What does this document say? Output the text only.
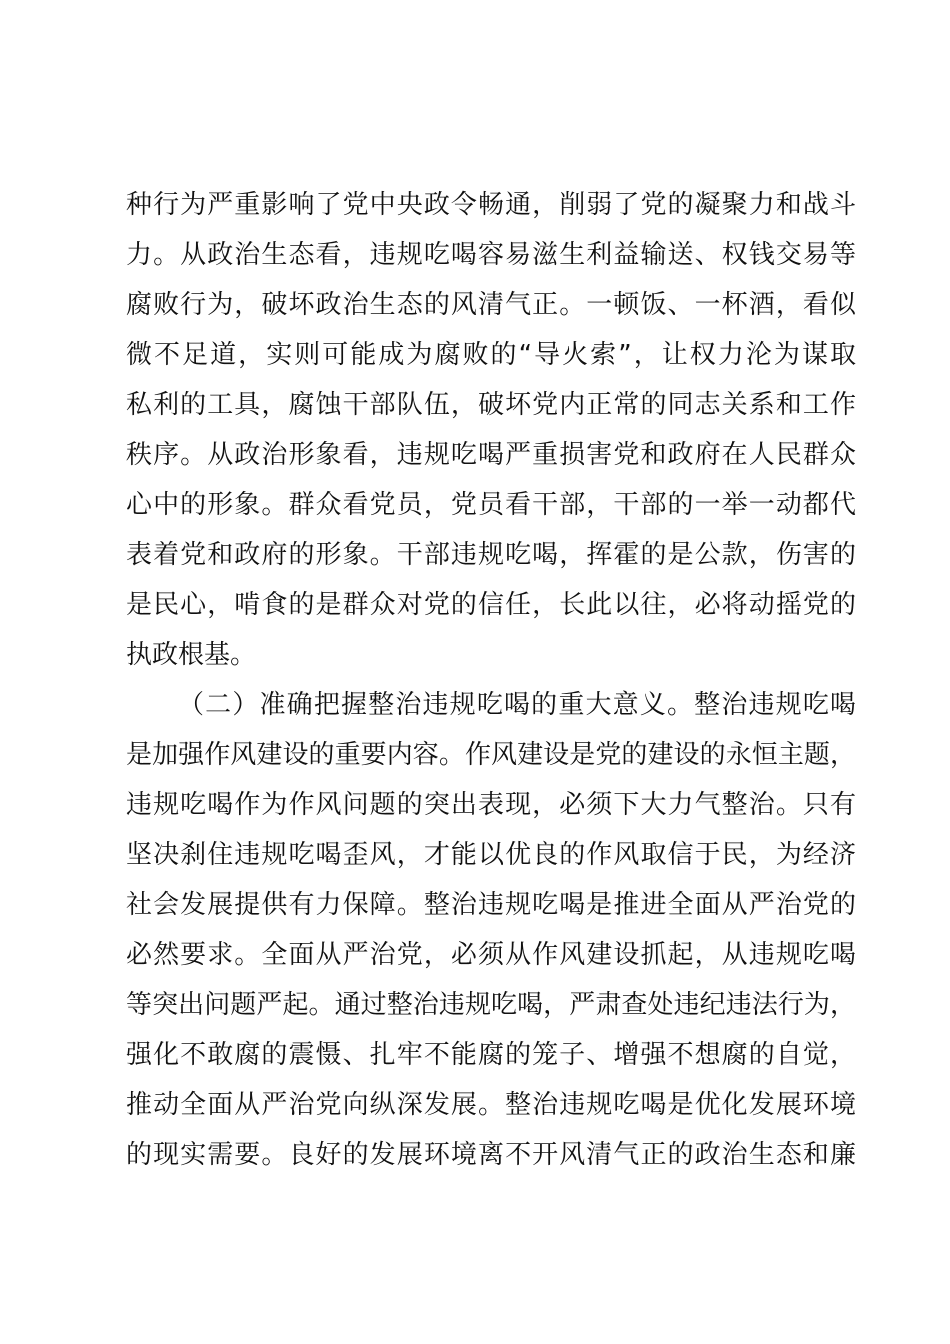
种行为严重影响了党中央政令畅通，削弱了党的凝聚力和战斗
力。从政治生态看，违规吃喝容易滋生利益输送、权钱交易等
腐败行为，破坏政治生态的风清气正。一顿饭、一杯酒，看似
微不足道，实则可能成为腐败的“导火索”，让权力沦为谋取
私利的工具，腐蚀干部队伍，破坏党内正常的同志关系和工作
秩序。从政治形象看，违规吃喝严重损害党和政府在人民群众
心中的形象。群众看党员，党员看干部，干部的一举一动都代
表着党和政府的形象。干部违规吃喝，挥霍的是公款，伤害的
是民心，啃食的是群众对党的信任，长此以往，必将动摇党的
执政根基。
（二）准确把握整治违规吃喝的重大意义。整治违规吃喝
是加强作风建设的重要内容。作风建设是党的建设的永恒主题，
违规吃喝作为作风问题的突出表现，必须下大力气整治。只有
坚决刹住违规吃喝歪风，才能以优良的作风取信于民，为经济
社会发展提供有力保障。整治违规吃喝是推进全面从严治党的
必然要求。全面从严治党，必须从作风建设抓起，从违规吃喝
等突出问题严起。通过整治违规吃喝，严肃查处违纪违法行为，
强化不敢腐的震慑、扎牢不能腐的笼子、增强不想腐的自觉，
推动全面从严治党向纵深发展。整治违规吃喝是优化发展环境
的现实需要。良好的发展环境离不开风清气正的政治生态和廉
